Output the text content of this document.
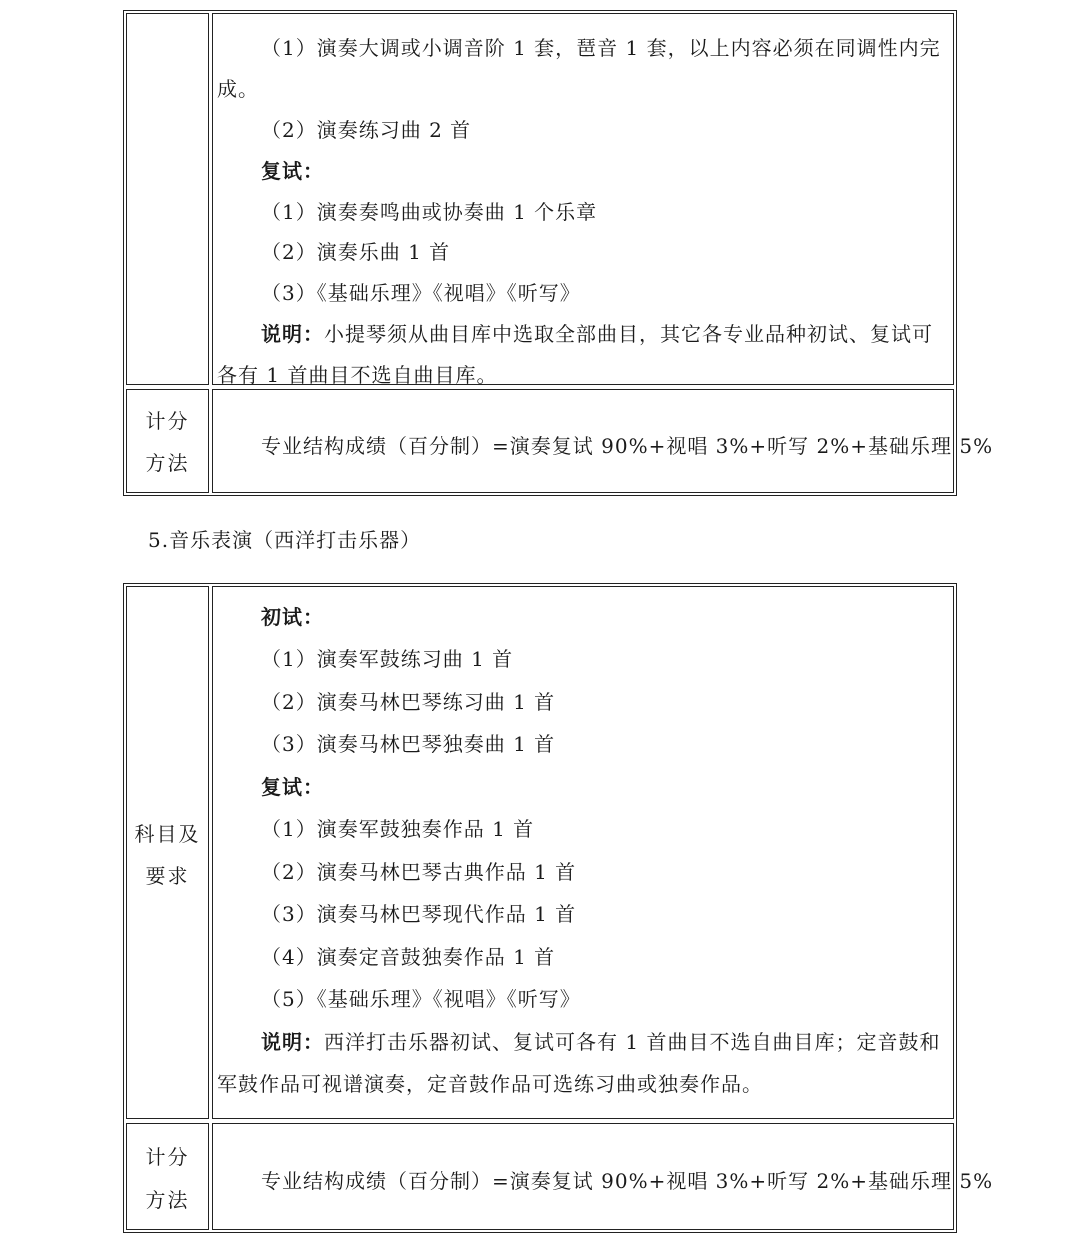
（1）演奏大调或小调音阶 1 套，琶音 1 套，以上内容必须在同调性内完
成。
（2）演奏练习曲 2 首
复试：
（1）演奏奏鸣曲或协奏曲 1 个乐章
（2）演奏乐曲 1 首
（3）《基础乐理》《视唱》《听写》
说明：小提琴须从曲目库中选取全部曲目，其它各专业品种初试、复试可
各有 1 首曲目不选自曲目库。
计分
方法
专业结构成绩（百分制）=演奏复试 90%+视唱 3%+听写 2%+基础乐理 5%
5.音乐表演（西洋打击乐器）
科目及
要求
初试：
（1）演奏军鼓练习曲 1 首
（2）演奏马林巴琴练习曲 1 首
（3）演奏马林巴琴独奏曲 1 首
复试：
（1）演奏军鼓独奏作品 1 首
（2）演奏马林巴琴古典作品 1 首
（3）演奏马林巴琴现代作品 1 首
（4）演奏定音鼓独奏作品 1 首
（5）《基础乐理》《视唱》《听写》
说明：西洋打击乐器初试、复试可各有 1 首曲目不选自曲目库；定音鼓和
军鼓作品可视谱演奏，定音鼓作品可选练习曲或独奏作品。
计分
方法
专业结构成绩（百分制）=演奏复试 90%+视唱 3%+听写 2%+基础乐理 5%
